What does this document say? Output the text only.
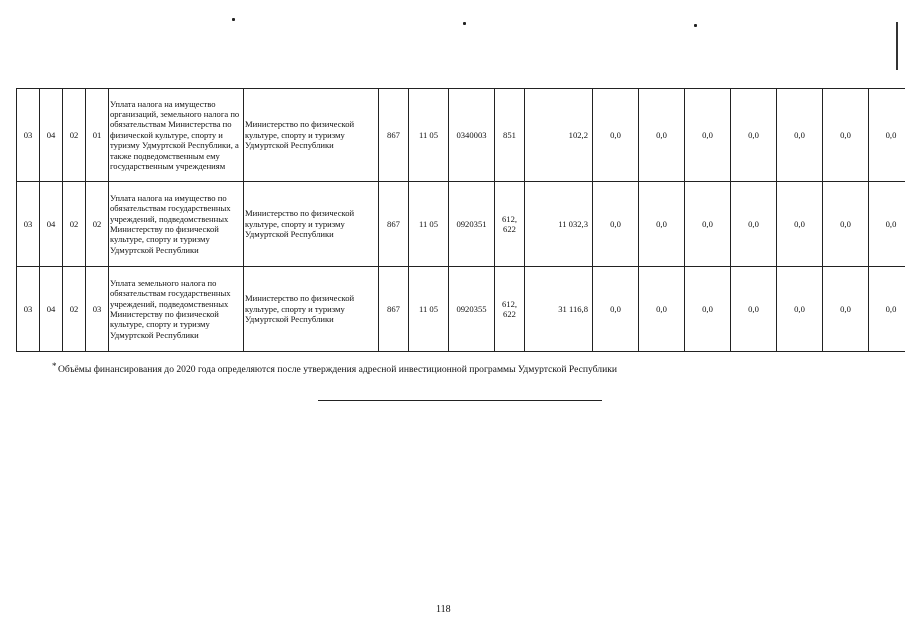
03	04	02	01	Уплата налога на имущество организаций, земельного налога по обязательствам Министерства по физической культуре, спорту и туризму Удмуртской Республики, а также подведомственным ему государственным учреждениям	Министерство по физической культуре, спорту и туризму Удмуртской Республики	867	11 05	0340003	851	102,2	0,0	0,0	0,0	0,0	0,0	0,0	0,0
03	04	02	02	Уплата налога на имущество по обязательствам государственных учреждений, подведомственных Министерству по физической культуре, спорту и туризму Удмуртской Республики	Министерство по физической культуре, спорту и туризму Удмуртской Республики	867	11 05	0920351	612, 622	11 032,3	0,0	0,0	0,0	0,0	0,0	0,0	0,0
03	04	02	03	Уплата земельного налога по обязательствам государственных учреждений, подведомственных Министерству по физической культуре, спорту и туризму Удмуртской Республики	Министерство по физической культуре, спорту и туризму Удмуртской Республики	867	11 05	0920355	612, 622	31 116,8	0,0	0,0	0,0	0,0	0,0	0,0	0,0
* Объёмы финансирования до 2020 года определяются после утверждения адресной инвестиционной программы Удмуртской Республики
118
